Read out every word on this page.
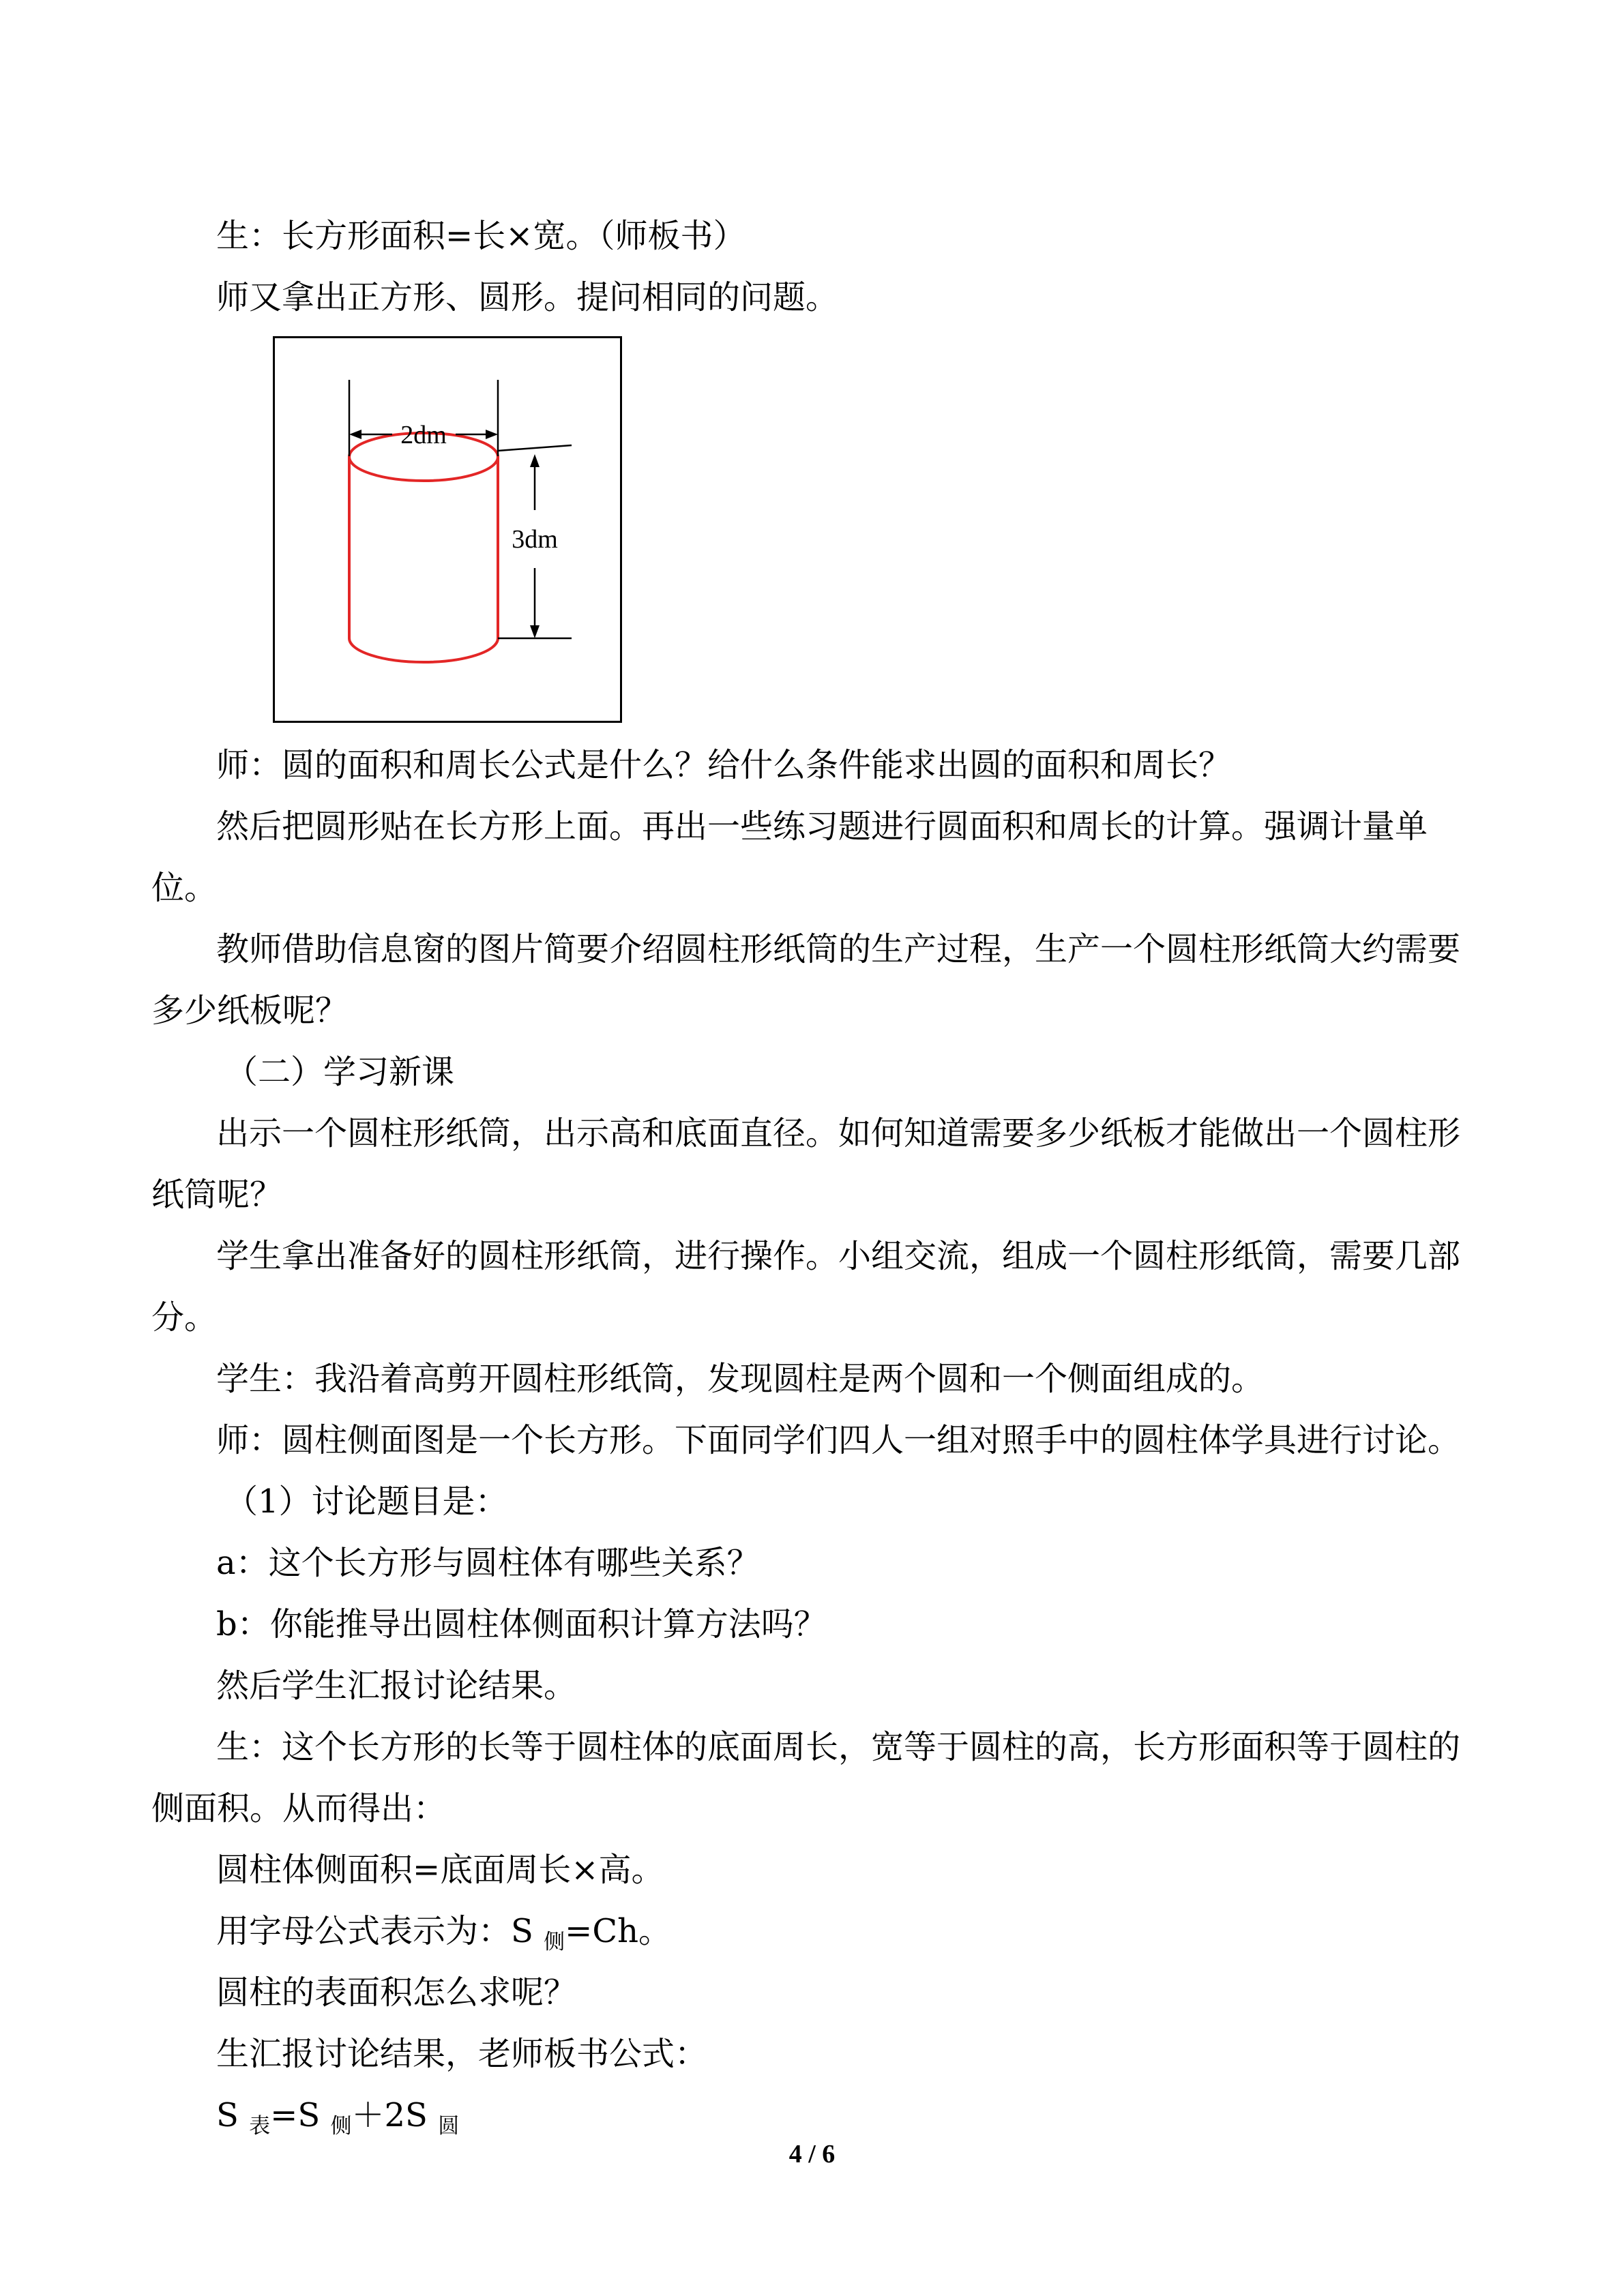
生：长方形面积=长×宽。（师板书）
师又拿出正方形、圆形。提问相同的问题。
2dm
3dm
师：圆的面积和周长公式是什么？给什么条件能求出圆的面积和周长？
然后把圆形贴在长方形上面。再出一些练习题进行圆面积和周长的计算。强调计量单
位。
教师借助信息窗的图片简要介绍圆柱形纸筒的生产过程，生产一个圆柱形纸筒大约需要
多少纸板呢？
（二）学习新课
出示一个圆柱形纸筒，出示高和底面直径。如何知道需要多少纸板才能做出一个圆柱形
纸筒呢？
学生拿出准备好的圆柱形纸筒，进行操作。小组交流，组成一个圆柱形纸筒，需要几部
分。
学生：我沿着高剪开圆柱形纸筒，发现圆柱是两个圆和一个侧面组成的。
师：圆柱侧面图是一个长方形。下面同学们四人一组对照手中的圆柱体学具进行讨论。
（1）讨论题目是：
a：这个长方形与圆柱体有哪些关系？
b：你能推导出圆柱体侧面积计算方法吗？
然后学生汇报讨论结果。
生：这个长方形的长等于圆柱体的底面周长，宽等于圆柱的高，长方形面积等于圆柱的
侧面积。从而得出：
圆柱体侧面积=底面周长×高。
用字母公式表示为：S $_侧$=Ch。
圆柱的表面积怎么求呢？
生汇报讨论结果，老师板书公式：
S $_表$=S $_侧$＋2S $_圆$
4 / 6
